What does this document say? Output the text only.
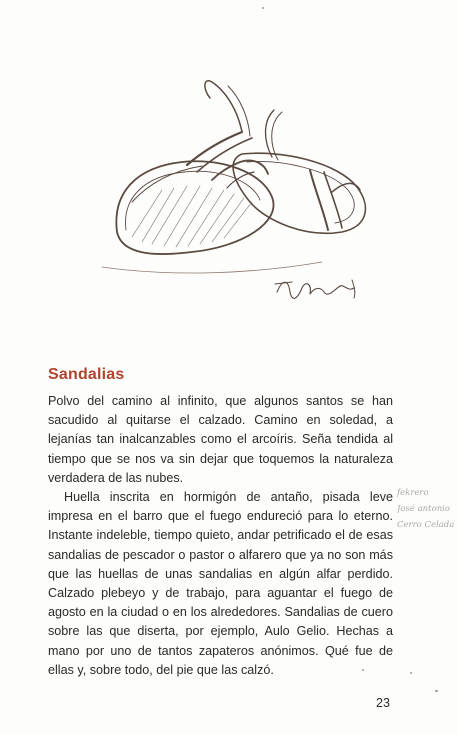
Sandalias

Polvo del camino al infinito, que algunos santos se han sacudido al quitarse el calzado. Camino en soledad, a lejanías tan inalcanzables como el arcoíris. Seña tendida al tiempo que se nos va sin dejar que toquemos la naturaleza verdadera de las nubes.

Huella inscrita en hormigón de antaño, pisada leve impresa en el barro que el fuego endureció para lo eterno. Instante indeleble, tiempo quieto, andar petrificado el de esas sandalias de pescador o pastor o alfarero que ya no son más que las huellas de unas sandalias en algún alfar perdido. Calzado plebeyo y de trabajo, para aguantar el fuego de agosto en la ciudad o en los alrededores. Sandalias de cuero sobre las que diserta, por ejemplo, Aulo Gelio. Hechas a mano por uno de tantos zapateros anónimos. Qué fue de ellas y, sobre todo, del pie que las calzó.

fekrero
José antonio
Cerro Celada
23
